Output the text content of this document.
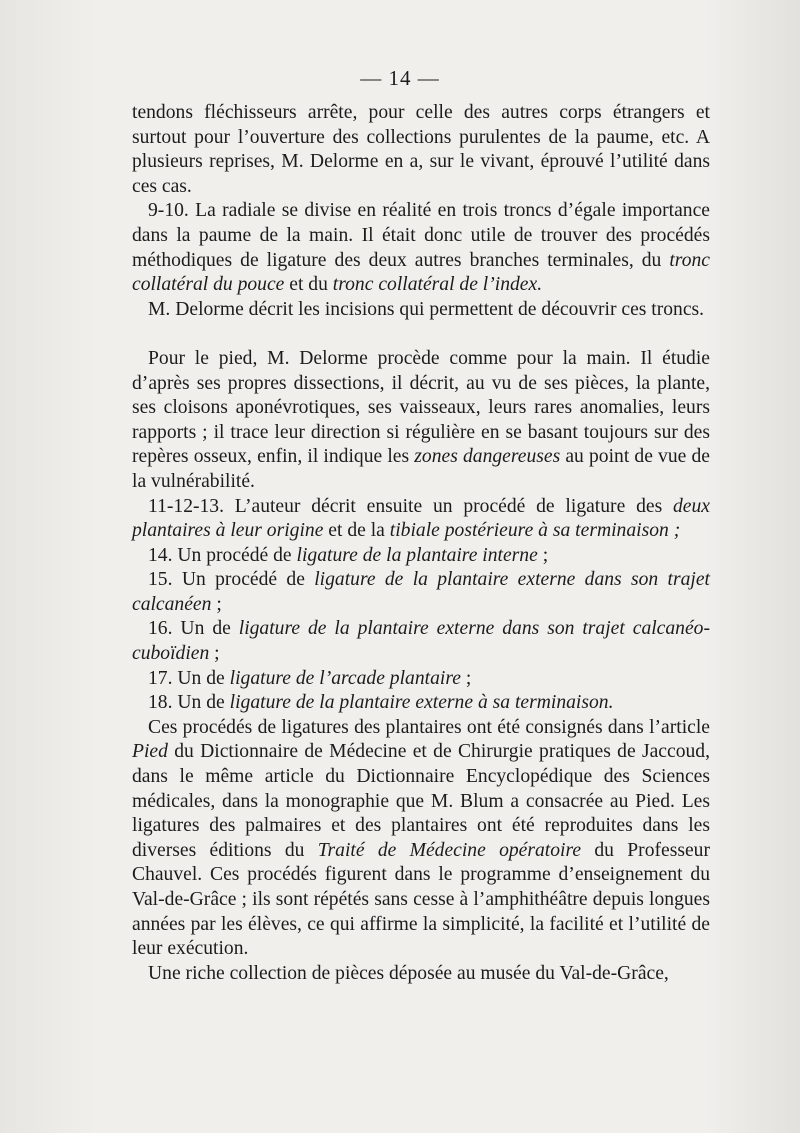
— 14 —

tendons fléchisseurs arrête, pour celle des autres corps étrangers et surtout pour l’ouverture des collections purulentes de la paume, etc. A plusieurs reprises, M. Delorme en a, sur le vivant, éprouvé l’utilité dans ces cas.

9-10. La radiale se divise en réalité en trois troncs d’égale importance dans la paume de la main. Il était donc utile de trouver des procédés méthodiques de ligature des deux autres branches terminales, du tronc collatéral du pouce et du tronc collatéral de l’index.

M. Delorme décrit les incisions qui permettent de découvrir ces troncs.

Pour le pied, M. Delorme procède comme pour la main. Il étudie d’après ses propres dissections, il décrit, au vu de ses pièces, la plante, ses cloisons aponévrotiques, ses vaisseaux, leurs rares anomalies, leurs rapports ; il trace leur direction si régulière en se basant toujours sur des repères osseux, enfin, il indique les zones dangereuses au point de vue de la vulnérabilité.

11-12-13. L’auteur décrit ensuite un procédé de ligature des deux plantaires à leur origine et de la tibiale postérieure à sa terminaison ;

14. Un procédé de ligature de la plantaire interne ;

15. Un procédé de ligature de la plantaire externe dans son trajet calcanéen ;

16. Un de ligature de la plantaire externe dans son trajet calcanéo-cuboïdien ;

17. Un de ligature de l’arcade plantaire ;

18. Un de ligature de la plantaire externe à sa terminaison.

Ces procédés de ligatures des plantaires ont été consignés dans l’article Pied du Dictionnaire de Médecine et de Chirurgie pratiques de Jaccoud, dans le même article du Dictionnaire Encyclopédique des Sciences médicales, dans la monographie que M. Blum a consacrée au Pied. Les ligatures des palmaires et des plantaires ont été reproduites dans les diverses éditions du Traité de Médecine opératoire du Professeur Chauvel. Ces procédés figurent dans le programme d’enseignement du Val-de-Grâce ; ils sont répétés sans cesse à l’amphithéâtre depuis longues années par les élèves, ce qui affirme la simplicité, la facilité et l’utilité de leur exécution.

Une riche collection de pièces déposée au musée du Val-de-Grâce,
